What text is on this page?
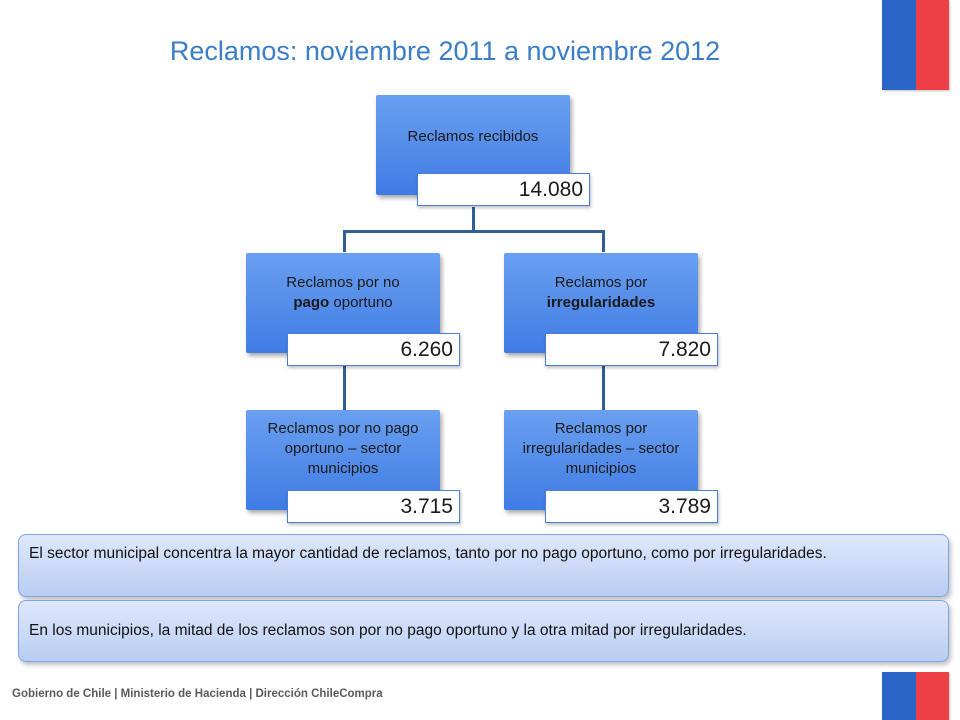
Reclamos: noviembre 2011 a noviembre 2012
Reclamos recibidos
14.080
Reclamos por no
pago oportuno
6.260
Reclamos por
irregularidades
7.820
Reclamos por no pago oportuno – sector municipios
3.715
Reclamos por irregularidades – sector municipios
3.789
El sector municipal concentra la mayor cantidad de reclamos, tanto por no pago oportuno, como por irregularidades.
En los municipios, la mitad de los reclamos son por no pago oportuno y la otra mitad por irregularidades.
Gobierno de Chile | Ministerio de Hacienda | Dirección ChileCompra
